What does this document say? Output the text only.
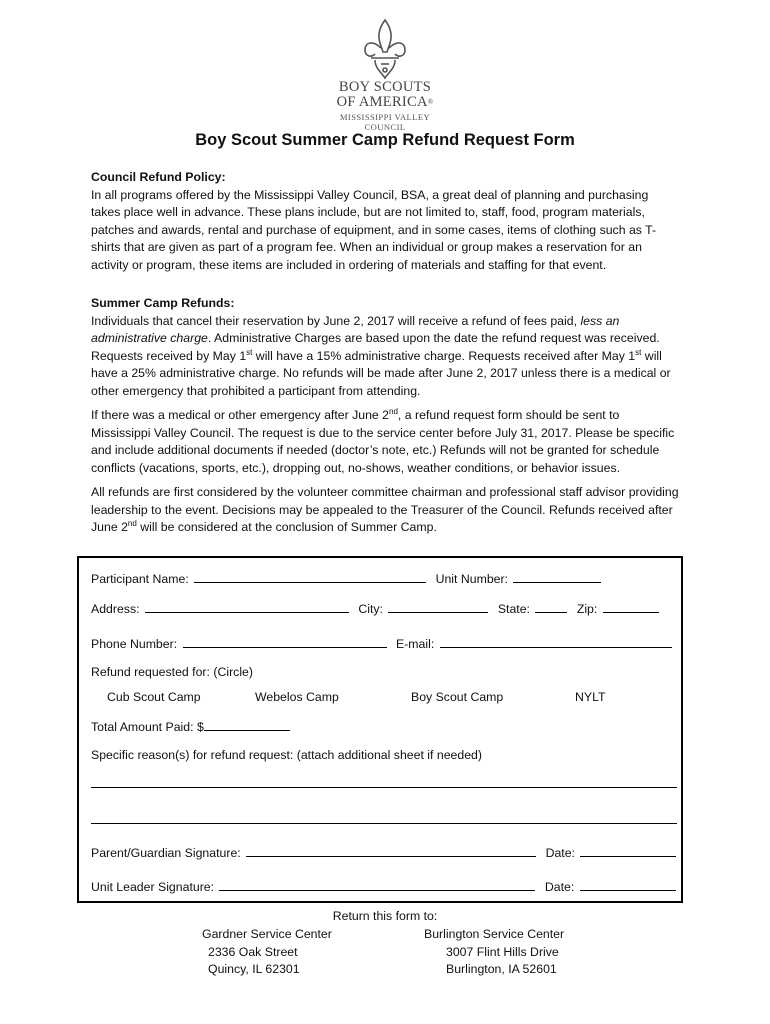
BOY SCOUTS
OF AMERICA®
MISSISSIPPI VALLEY COUNCIL
Boy Scout Summer Camp Refund Request Form

Council Refund Policy:

In all programs offered by the Mississippi Valley Council, BSA, a great deal of planning and purchasing takes place well in advance. These plans include, but are not limited to, staff, food, program materials, patches and awards, rental and purchase of equipment, and in some cases, items of clothing such as T-shirts that are given as part of a program fee. When an individual or group makes a reservation for an activity or program, these items are included in ordering of materials and staffing for that event.

Summer Camp Refunds:

Individuals that cancel their reservation by June 2, 2017 will receive a refund of fees paid, less an administrative charge. Administrative Charges are based upon the date the refund request was received. Requests received by May 1st will have a 15% administrative charge. Requests received after May 1st will have a 25% administrative charge. No refunds will be made after June 2, 2017 unless there is a medical or other emergency that prohibited a participant from attending.

If there was a medical or other emergency after June 2nd, a refund request form should be sent to Mississippi Valley Council. The request is due to the service center before July 31, 2017. Please be specific and include additional documents if needed (doctor’s note, etc.) Refunds will not be granted for schedule conflicts (vacations, sports, etc.), dropping out, no-shows, weather conditions, or behavior issues.

All refunds are first considered by the volunteer committee chairman and professional staff advisor providing leadership to the event. Decisions may be appealed to the Treasurer of the Council. Refunds received after June 2nd will be considered at the conclusion of Summer Camp.

Participant Name:	Unit Number:
Address:	City:	State:	Zip:
Phone Number:	E-mail:
Refund requested for: (Circle)
Cub Scout Camp	Webelos Camp	Boy Scout Camp	NYLT
Total Amount Paid: $
Specific reason(s) for refund request: (attach additional sheet if needed)
Parent/Guardian Signature:	Date:
Unit Leader Signature:	Date:
Return this form to:
Gardner Service Center
2336 Oak Street
Quincy, IL 62301
Burlington Service Center
3007 Flint Hills Drive
Burlington, IA 52601
